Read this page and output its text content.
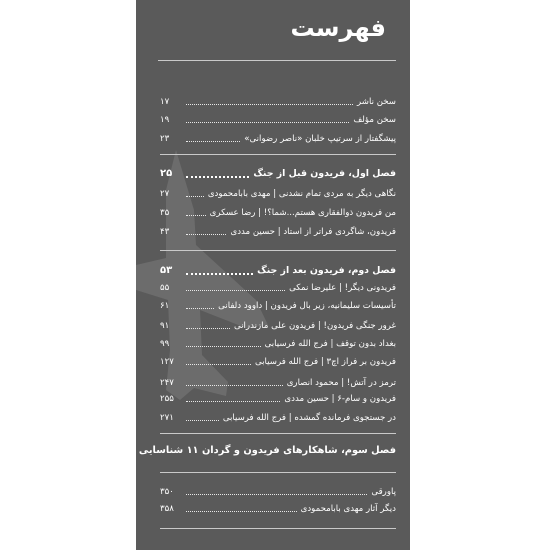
فهرست
سخن ناشر
۱۷
سخن مؤلف
۱۹
پیشگفتار از سرتیپ خلبان «ناصر رضوانی»
۲۳
فصل اول، فریدون قبل از جنگ
۲۵
نگاهی دیگر به مردی تمام نشدنی | مهدی بابامحمودی
۲۷
من فریدون ذوالفقاری هستم...شما؟! | رضا عسکری
۳۵
فریدون، شاگردی فراتر از استاد | حسین مددی
۴۳
فصل دوم، فریدون بعد از جنگ
۵۳
فریدونی دیگر! | علیرضا نمکی
۵۵
تأسیسات سلیمانیه، زیر بال فریدون | داوود دلفانی
۶۱
غرور جنگی فریدون! | فریدون علی مازندرانی
۹۱
بغداد بدون توقف | فرج الله فرسیابی
۹۹
فریدون بر فراز اچ۳ | فرج الله فرسیابی
۱۲۷
ترمز در آتش! | محمود انصاری
۲۴۷
فریدون و سام-۶ | حسین مددی
۲۵۵
در جستجوی فرمانده گمشده | فرج الله فرسیابی
۲۷۱
فصل سوم، شاهکارهای فریدون و گردان ۱۱ شناسایی
۳۰۹
پاورقی
۳۵۰
دیگر آثار مهدی بابامحمودی
۳۵۸
